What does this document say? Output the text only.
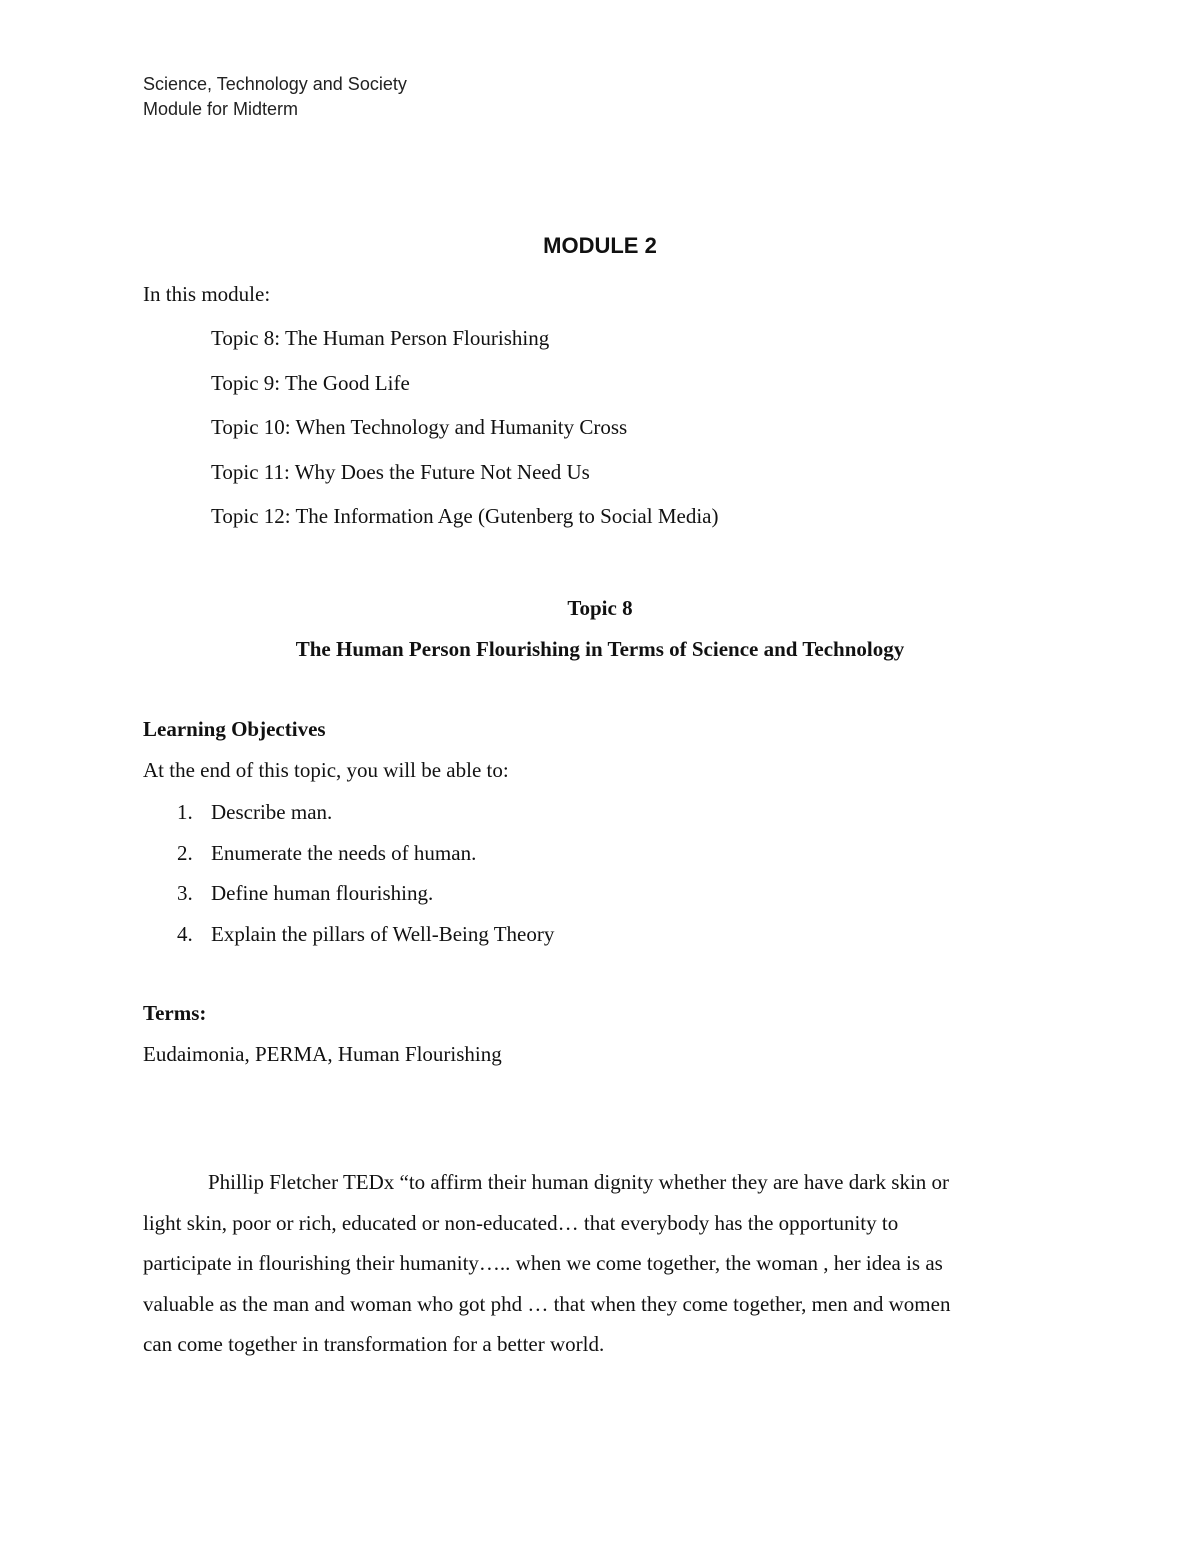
Science, Technology and Society
Module for Midterm
MODULE 2
In this module:
Topic 8: The Human Person Flourishing
Topic 9: The Good Life
Topic 10: When Technology and Humanity Cross
Topic 11: Why Does the Future Not Need Us
Topic 12: The Information Age (Gutenberg to Social Media)
Topic 8
The Human Person Flourishing in Terms of Science and Technology
Learning Objectives
At the end of this topic, you will be able to:
1. Describe man.
2. Enumerate the needs of human.
3. Define human flourishing.
4. Explain the pillars of Well-Being Theory
Terms:
Eudaimonia, PERMA, Human Flourishing
Phillip Fletcher TEDx “to affirm their human dignity whether they are have dark skin or
light skin, poor or rich, educated or non-educated… that everybody has the opportunity to
participate in flourishing their humanity….. when we come together, the woman , her idea is as
valuable as the man and woman who got phd … that when they come together, men and women
can come together in transformation for a better world.
